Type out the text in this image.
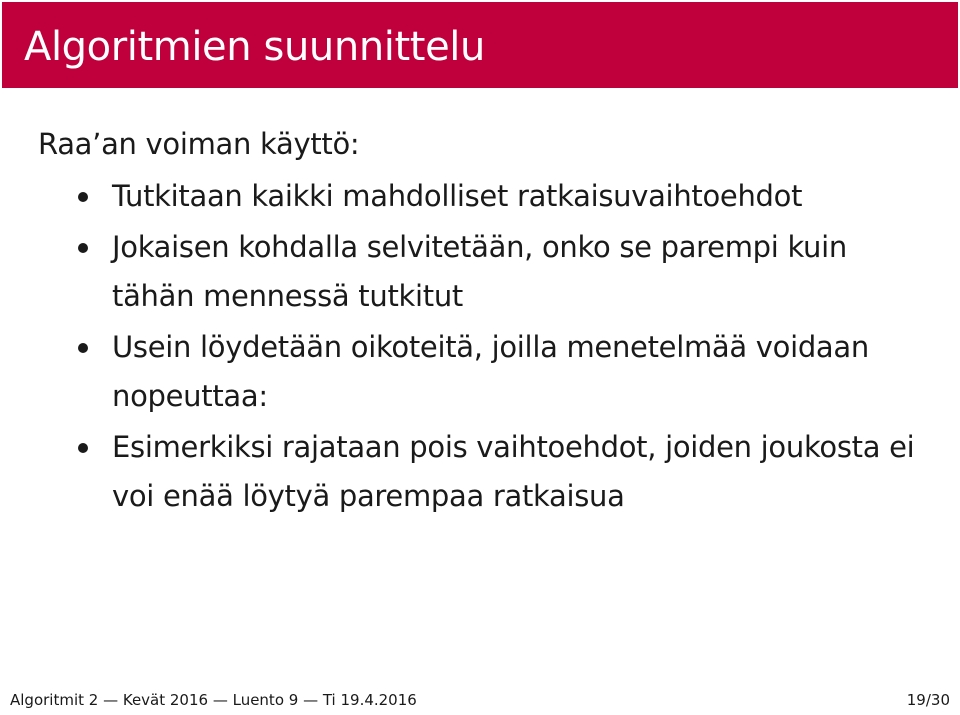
Algoritmien suunnittelu
Raa’an voiman käyttö:
Tutkitaan kaikki mahdolliset ratkaisuvaihtoehdot
Jokaisen kohdalla selvitetään, onko se parempi kuin tähän mennessä tutkitut
Usein löydetään oikoteitä, joilla menetelmää voidaan nopeuttaa:
Esimerkiksi rajataan pois vaihtoehdot, joiden joukosta ei voi enää löytyä parempaa ratkaisua
Algoritmit 2 — Kevät 2016 — Luento 9 — Ti 19.4.2016	19/30
